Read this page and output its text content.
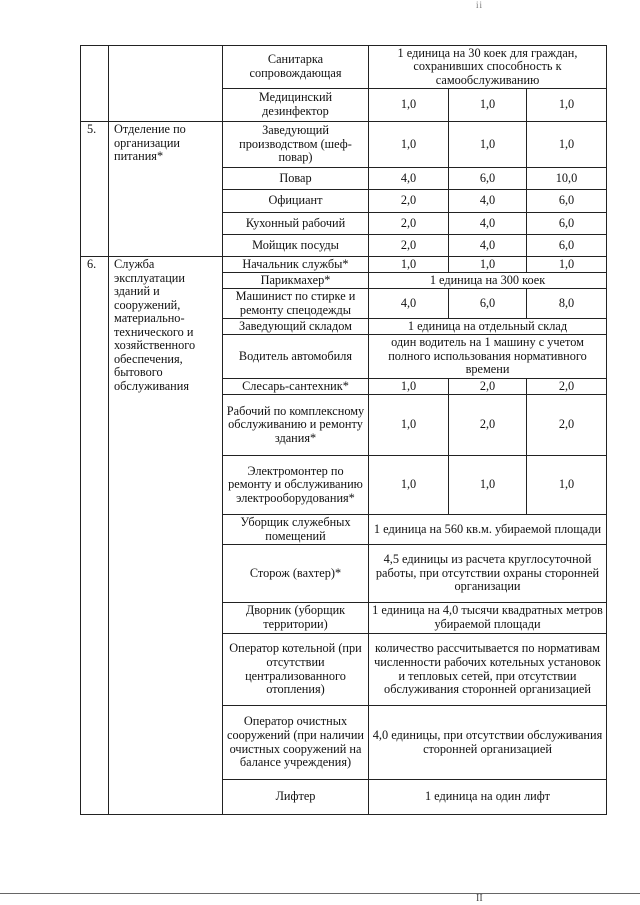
ii
		Санитарка сопровождающая	1 единица на 30 коек для граждан, сохранивших способность к самообслуживанию		
		Медицинский дезинфектор	1,0	1,0	1,0
5.	Отделение по организации питания*	Заведующий производством (шеф-повар)	1,0	1,0	1,0
		Повар	4,0	6,0	10,0
		Официант	2,0	4,0	6,0
		Кухонный рабочий	2,0	4,0	6,0
		Мойщик посуды	2,0	4,0	6,0
6.	Служба эксплуатации зданий и сооружений, материально-технического и хозяйственного обеспечения, бытового обслуживания	Начальник службы*	1,0	1,0	1,0
		Парикмахер*	1 единица на 300 коек		
		Машинист по стирке и ремонту спецодежды	4,0	6,0	8,0
		Заведующий складом	1 единица на отдельный склад		
		Водитель автомобиля	один водитель на 1 машину с учетом полного использования нормативного времени		
		Слесарь-сантехник*	1,0	2,0	2,0
		Рабочий по комплексному обслуживанию и ремонту здания*	1,0	2,0	2,0
		Электромонтер по ремонту и обслуживанию электрооборудования*	1,0	1,0	1,0
		Уборщик служебных помещений	1 единица на 560 кв.м. убираемой площади		
		Сторож (вахтер)*	4,5 единицы из расчета круглосуточной работы, при отсутствии охраны сторонней организации		
		Дворник (уборщик территории)	1 единица на 4,0 тысячи квадратных метров убираемой площади		
		Оператор котельной (при отсутствии централизованного отопления)	количество рассчитывается по нормативам численности рабочих котельных установок и тепловых сетей, при отсутствии обслуживания сторонней организацией		
		Оператор очистных сооружений (при наличии очистных сооружений на балансе учреждения)	4,0 единицы, при отсутствии обслуживания сторонней организацией		
		Лифтер	1 единица на один лифт		
II
